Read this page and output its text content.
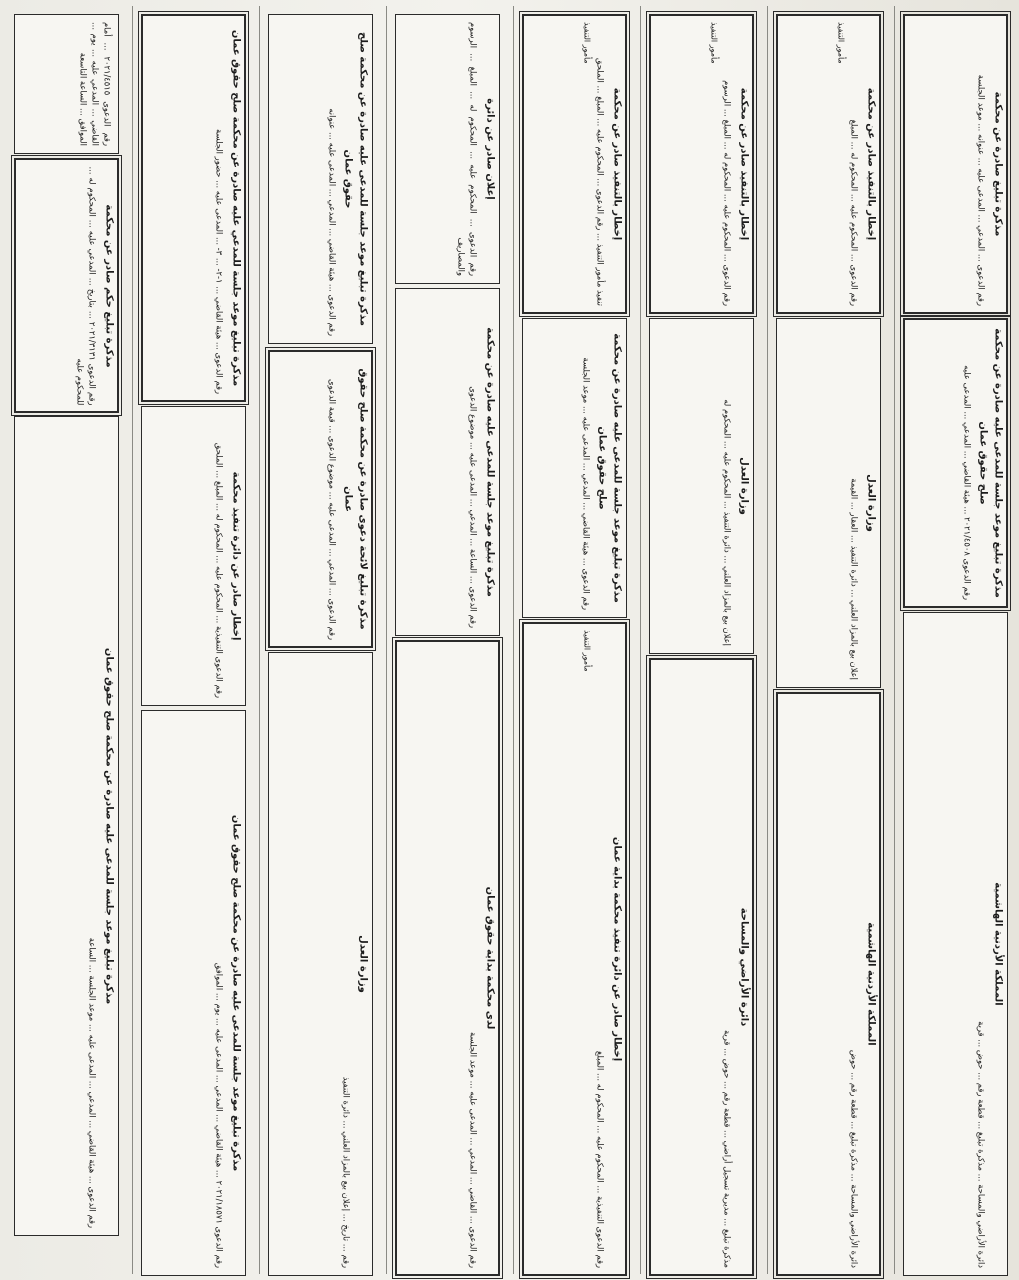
رقم الدعوى ٢٠٢١/٤٥١٥ ... أمام القاضي ... المدعي عليه ... يوم ... الموافق ... الساعة التاسعة
مذكرة تبليغ حكم صادر عن محكمة
رقم الدعوى ٢٠٢١/٣١٣١ ... بتاريخ ... المدعي عليه ... المحكوم له ... للمحكوم عليه
مذكرة تبليغ موعد جلسة للمدعى عليه صادرة عن محكمة صلح حقوق عمان
رقم الدعوى ... هيئة القاضي ... المدعي ... المدعى عليه ... موعد الجلسة ... الساعة
مذكرة تبليغ موعد جلسة للمدعي عليه صادرة عن محكمة صلح حقوق عمان
رقم الدعوى ... هيئة القاضي ... ١-٢- ... ٣- ... المدعى عليه ... حضور الجلسة
إخطار صادر عن دائرة تنفيذ محكمة
رقم الدعوى التنفيذية ... المحكوم عليه ... المحكوم له ... المبلغ ... الملحق
مذكرة تبليغ موعد جلسة للمدعى عليه صادرة عن محكمة صلح حقوق عمان
رقم الدعوى ٢٠٢١/١٨٥٧١ ... هيئة القاضي ... المدعي ... المدعى عليه ... يوم ... الموافق
مذكرة تبليغ موعد جلسة للمدعى عليه صادرة عن محكمة صلح حقوق عمان
رقم الدعوى ... هيئة القاضي ... المدعي ... المدعى عليه ... عنوانه
مذكرة تبليغ لائحة دعوى صادرة عن محكمة صلح حقوق عمان
رقم الدعوى ... المدعي ... المدعى عليه ... موضوع الدعوى ... قيمة الدعوى
وزارة العدل
رقم ... تاريخ ... إعلان بيع بالمزاد العلني ... دائرة التنفيذ
إعلان صادر عن دائرة
رقم الدعوى ... المحكوم عليه ... المحكوم له ... المبلغ ... الرسوم والمصاريف
مذكرة تبليغ موعد جلسة للمدعى عليه صادرة عن محكمة
رقم الدعوى ... الساعة ... المدعي ... المدعى عليه ... موضوع الدعوى
لدى محكمة بداية حقوق عمان
رقم الدعوى ... القاضي ... المدعي ... المدعى عليه ... موعد الجلسة
إخطار بالتنفيذ صادر عن محكمة
تنفيذ مأمور التنفيذ ... رقم الدعوى ... المحكوم عليه ... المبلغ ... الملحق
مأمور التنفيذ
مذكرة تبليغ موعد جلسة للمدعى عليه صادرة عن محكمة صلح حقوق عمان
رقم الدعوى ... هيئة القاضي ... المدعي ... المدعى عليه ... موعد الجلسة
إخطار صادر عن دائرة تنفيذ محكمة بداية عمان
رقم الدعوى التنفيذية ... المحكوم عليه ... المحكوم له ... المبلغ
مأمور التنفيذ
إخطار بالتنفيذ صادر عن محكمة
رقم الدعوى ... المحكوم عليه ... المحكوم له ... المبلغ ... الرسوم
مأمور التنفيذ
وزارة العدل
إعلان بيع بالمزاد العلني ... دائرة التنفيذ ... المحكوم عليه ... المحكوم له
دائرة الأراضي والمساحة
مذكرة تبليغ ... مديرية تسجيل أراضي ... قطعة رقم ... حوض ... قرية
إخطار بالتنفيذ صادر عن محكمة
رقم الدعوى ... المحكوم عليه ... المحكوم له ... المبلغ
مأمور التنفيذ
وزارة العدل
إعلان بيع بالمزاد العلني ... دائرة التنفيذ ... العقار ... القيمة
المملكة الأردنية الهاشمية
دائرة الأراضي والمساحة ... مذكرة تبليغ ... قطعة رقم ... حوض
مذكرة تبليغ صادرة عن محكمة
رقم الدعوى ... المدعي ... المدعى عليه ... عنوانه ... موعد الجلسة
مذكرة تبليغ موعد جلسة للمدعى عليه صادرة عن محكمة صلح حقوق عمان
رقم الدعوى ٢٠٢١/٤٥٠٨ ... هيئة القاضي ... المدعي ... المدعى عليه
المملكة الأردنية الهاشمية
دائرة الأراضي والمساحة ... مذكرة تبليغ ... قطعة رقم ... حوض ... قرية
